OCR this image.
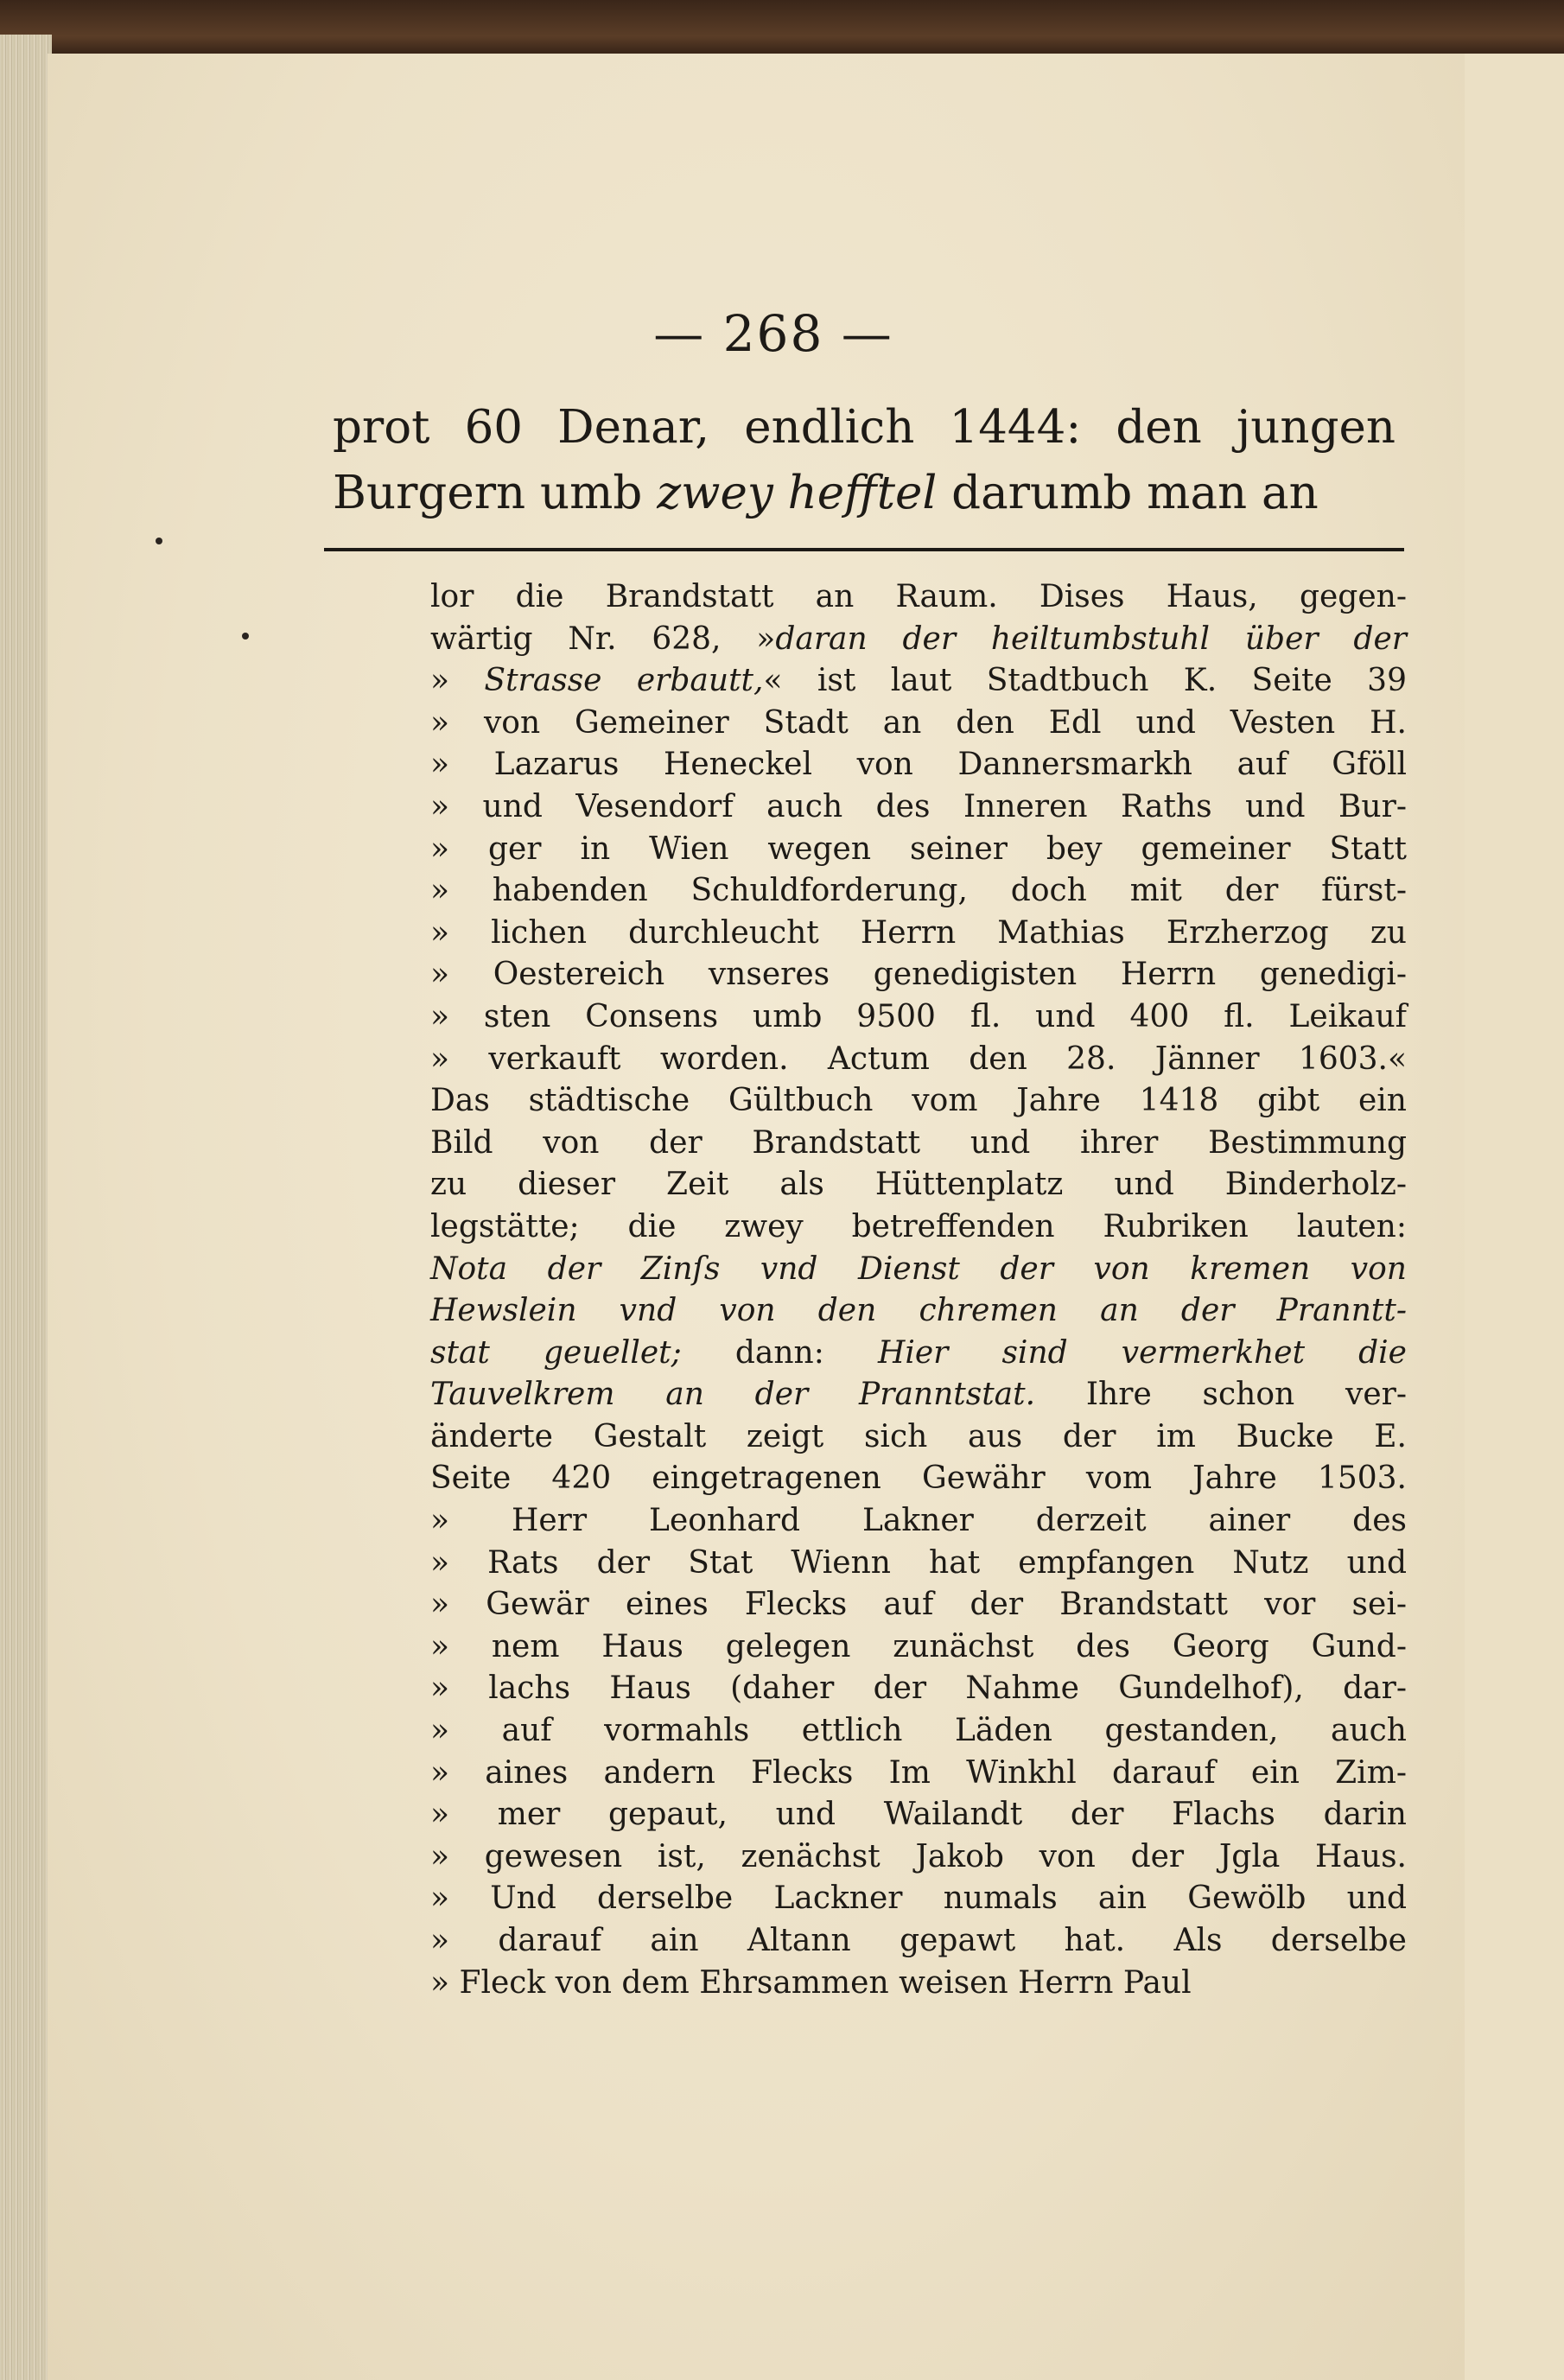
— 268 —
prot 60 Denar, endlich 1444: den jungen
Burgern umb zwey hefftel darumb man an
lor die Brandstatt an Raum. Dises Haus, gegen-
wärtig Nr. 628, »daran der heiltumbstuhl über der
» Strasse erbautt,« ist laut Stadtbuch K. Seite 39
» von Gemeiner Stadt an den Edl und Vesten H.
» Lazarus Heneckel von Dannersmarkh auf Gföll
» und Vesendorf auch des Inneren Raths und Bur-
» ger in Wien wegen seiner bey gemeiner Statt
» habenden Schuldforderung, doch mit der fürst-
» lichen durchleucht Herrn Mathias Erzherzog zu
» Oestereich vnseres genedigisten Herrn genedigi-
» sten Consens umb 9500 fl. und 400 fl. Leikauf
» verkauft worden. Actum den 28. Jänner 1603.«
Das städtische Gültbuch vom Jahre 1418 gibt ein
Bild von der Brandstatt und ihrer Bestimmung
zu dieser Zeit als Hüttenplatz und Binderholz-
legstätte; die zwey betreffenden Rubriken lauten:
Nota der Zinſs vnd Dienst der von kremen von
Hewslein vnd von den chremen an der Pranntt-
stat geuellet; dann: Hier sind vermerkhet die
Tauvelkrem an der Pranntstat. Ihre schon ver-
änderte Gestalt zeigt sich aus der im Bucke E.
Seite 420 eingetragenen Gewähr vom Jahre 1503.
» Herr Leonhard Lakner derzeit ainer des
» Rats der Stat Wienn hat empfangen Nutz und
» Gewär eines Flecks auf der Brandstatt vor sei-
» nem Haus gelegen zunächst des Georg Gund-
» lachs Haus (daher der Nahme Gundelhof), dar-
» auf vormahls ettlich Läden gestanden, auch
» aines andern Flecks Im Winkhl darauf ein Zim-
» mer gepaut, und Wailandt der Flachs darin
» gewesen ist, zenächst Jakob von der Jgla Haus.
» Und derselbe Lackner numals ain Gewölb und
» darauf ain Altann gepawt hat. Als derselbe
» Fleck von dem Ehrsammen weisen Herrn Paul
